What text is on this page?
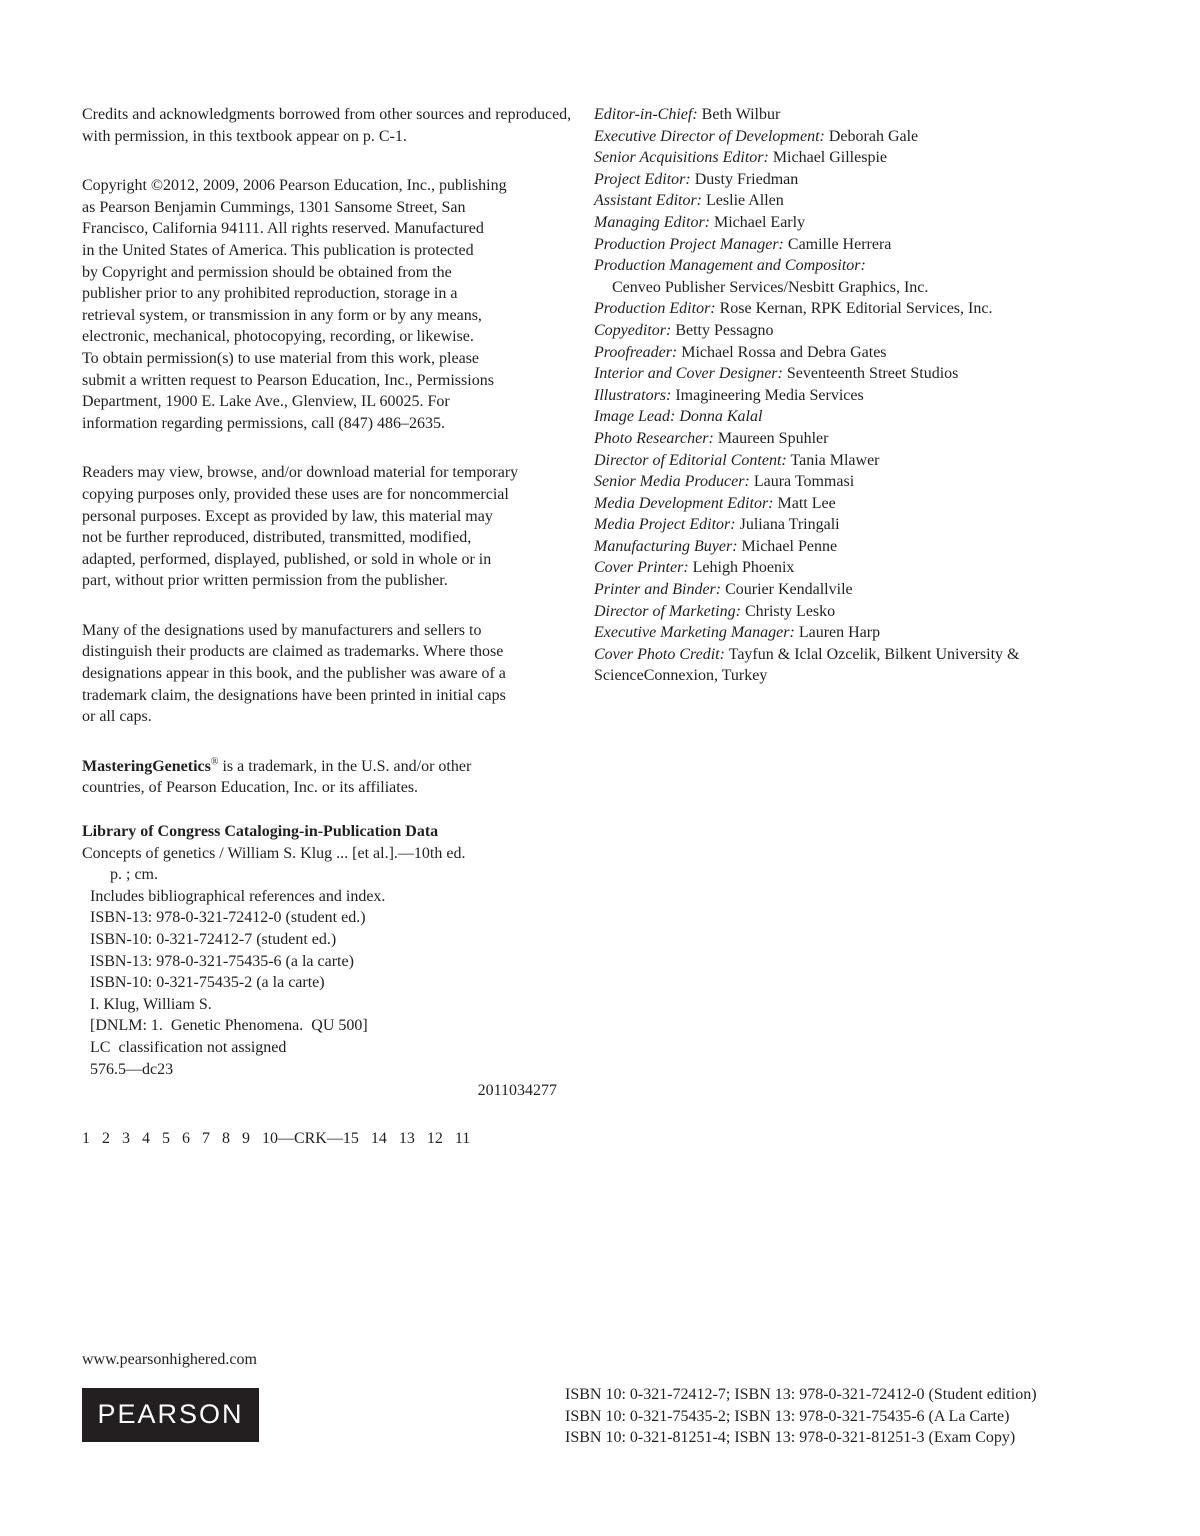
Credits and acknowledgments borrowed from other sources and reproduced, with permission, in this textbook appear on p. C-1.

Copyright ©2012, 2009, 2006 Pearson Education, Inc., publishing
as Pearson Benjamin Cummings, 1301 Sansome Street, San
Francisco, California 94111. All rights reserved. Manufactured
in the United States of America. This publication is protected
by Copyright and permission should be obtained from the
publisher prior to any prohibited reproduction, storage in a
retrieval system, or transmission in any form or by any means,
electronic, mechanical, photocopying, recording, or likewise.
To obtain permission(s) to use material from this work, please
submit a written request to Pearson Education, Inc., Permissions
Department, 1900 E. Lake Ave., Glenview, IL 60025. For
information regarding permissions, call (847) 486–2635.
Readers may view, browse, and/or download material for temporary
copying purposes only, provided these uses are for noncommercial
personal purposes. Except as provided by law, this material may
not be further reproduced, distributed, transmitted, modified,
adapted, performed, displayed, published, or sold in whole or in
part, without prior written permission from the publisher.
Many of the designations used by manufacturers and sellers to
distinguish their products are claimed as trademarks. Where those
designations appear in this book, and the publisher was aware of a
trademark claim, the designations have been printed in initial caps
or all caps.
MasteringGenetics® is a trademark, in the U.S. and/or other
countries, of Pearson Education, Inc. or its affiliates.
Library of Congress Cataloging-in-Publication Data
Concepts of genetics / William S. Klug ... [et al.].—10th ed.
p. ; cm.
Includes bibliographical references and index.
ISBN-13: 978-0-321-72412-0 (student ed.)
ISBN-10: 0-321-72412-7 (student ed.)
ISBN-13: 978-0-321-75435-6 (a la carte)
ISBN-10: 0-321-75435-2 (a la carte)
I. Klug, William S.
[DNLM: 1.  Genetic Phenomena.  QU 500]
LC  classification not assigned
576.5—dc23
2011034277
1  2  3  4  5  6  7  8  9  10—CRK—15  14  13  12  11
Editor-in-Chief: Beth Wilbur
Executive Director of Development: Deborah Gale
Senior Acquisitions Editor: Michael Gillespie
Project Editor: Dusty Friedman
Assistant Editor: Leslie Allen
Managing Editor: Michael Early
Production Project Manager: Camille Herrera
Production Management and Compositor:
Cenveo Publisher Services/Nesbitt Graphics, Inc.
Production Editor: Rose Kernan, RPK Editorial Services, Inc.
Copyeditor: Betty Pessagno
Proofreader: Michael Rossa and Debra Gates
Interior and Cover Designer: Seventeenth Street Studios
Illustrators: Imagineering Media Services
Image Lead: Donna Kalal
Photo Researcher: Maureen Spuhler
Director of Editorial Content: Tania Mlawer
Senior Media Producer: Laura Tommasi
Media Development Editor: Matt Lee
Media Project Editor: Juliana Tringali
Manufacturing Buyer: Michael Penne
Cover Printer: Lehigh Phoenix
Printer and Binder: Courier Kendallvile
Director of Marketing: Christy Lesko
Executive Marketing Manager: Lauren Harp
Cover Photo Credit: Tayfun & Iclal Ozcelik, Bilkent University &
ScienceConnexion, Turkey
www.pearsonhighered.com
PEARSON
ISBN 10: 0-321-72412-7; ISBN 13: 978-0-321-72412-0 (Student edition)
ISBN 10: 0-321-75435-2; ISBN 13: 978-0-321-75435-6 (A La Carte)
ISBN 10: 0-321-81251-4; ISBN 13: 978-0-321-81251-3 (Exam Copy)
